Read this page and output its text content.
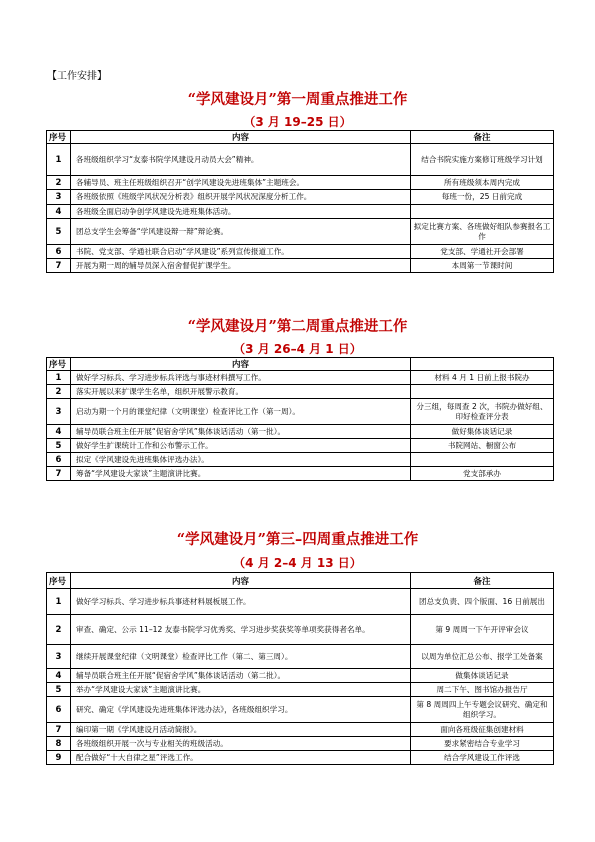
【工作安排】
“学风建设月”第一周重点推进工作
（3 月 19–25 日）
序号	内容	备注
1	各班级组织学习“友泰书院学风建设月动员大会”精神。	结合书院实施方案修订班级学习计划
2	各辅导员、班主任班级组织召开“创学风建设先进班集体”主题班会。	所有班级须本周内完成
3	各班级依照《班级学风状况分析表》组织开展学风状况深度分析工作。	每班一份，25 日前完成
4	各班级全面启动争创学风建设先进班集体活动。	
5	团总支学生会筹备“学风建设辩一辩”辩论赛。	拟定比赛方案、各班做好组队参赛报名工作
6	书院、党支部、学通社联合启动“学风建设”系列宣传报道工作。	党支部、学通社开会部署
7	开展为期一周的辅导员深入宿舍督促扩课学生。	本周第一节课时间
“学风建设月”第二周重点推进工作
（3 月 26–4 月 1 日）
序号	内容	
1	做好学习标兵、学习进步标兵评选与事迹材料撰写工作。	材料 4 月 1 日前上报书院办
2	落实开展以来扩课学生名单，组织开展警示教育。	
3	启动为期一个月的课堂纪律（文明课堂）检查评比工作（第一周）。	分三组，每周查 2 次，书院办做好组、印好检查评分表
4	辅导员联合班主任开展“促宿舍学风”集体谈话活动（第一批）。	做好集体谈话记录
5	做好学生扩课统计工作和公布警示工作。	书院网站、橱窗公布
6	拟定《学风建设先进班集体评选办法》。	
7	筹备“学风建设大家谈”主题演讲比赛。	党支部承办
“学风建设月”第三–四周重点推进工作
（4 月 2–4 月 13 日）
序号	内容	备注
1	做好学习标兵、学习进步标兵事迹材料展板展工作。	团总支负责、四个版面、16 日前展出
2	审查、确定、公示 11–12 友泰书院学习优秀奖、学习进步奖获奖等单项奖获得者名单。	第 9 周周一下午开评审会议
3	继续开展课堂纪律（文明课堂）检查评比工作（第二、第三周）。	以周为单位汇总公布、报学工处备案
4	辅导员联合班主任开展“促宿舍学风”集体谈话活动（第二批）。	做集体谈话记录
5	举办“学风建设大家谈”主题演讲比赛。	周二下午、图书馆办报告厅
6	研究、确定《学风建设先进班集体评选办法》，各班级组织学习。	第 8 周周四上午专题会议研究、确定和组织学习。
7	编印第一期《学风建设月活动简报》。	面向各班级征集创建材料
8	各班级组织开展一次与专业相关的班级活动。	要求紧密结合专业学习
9	配合做好“十大自律之星”评选工作。	结合学风建设工作评选
